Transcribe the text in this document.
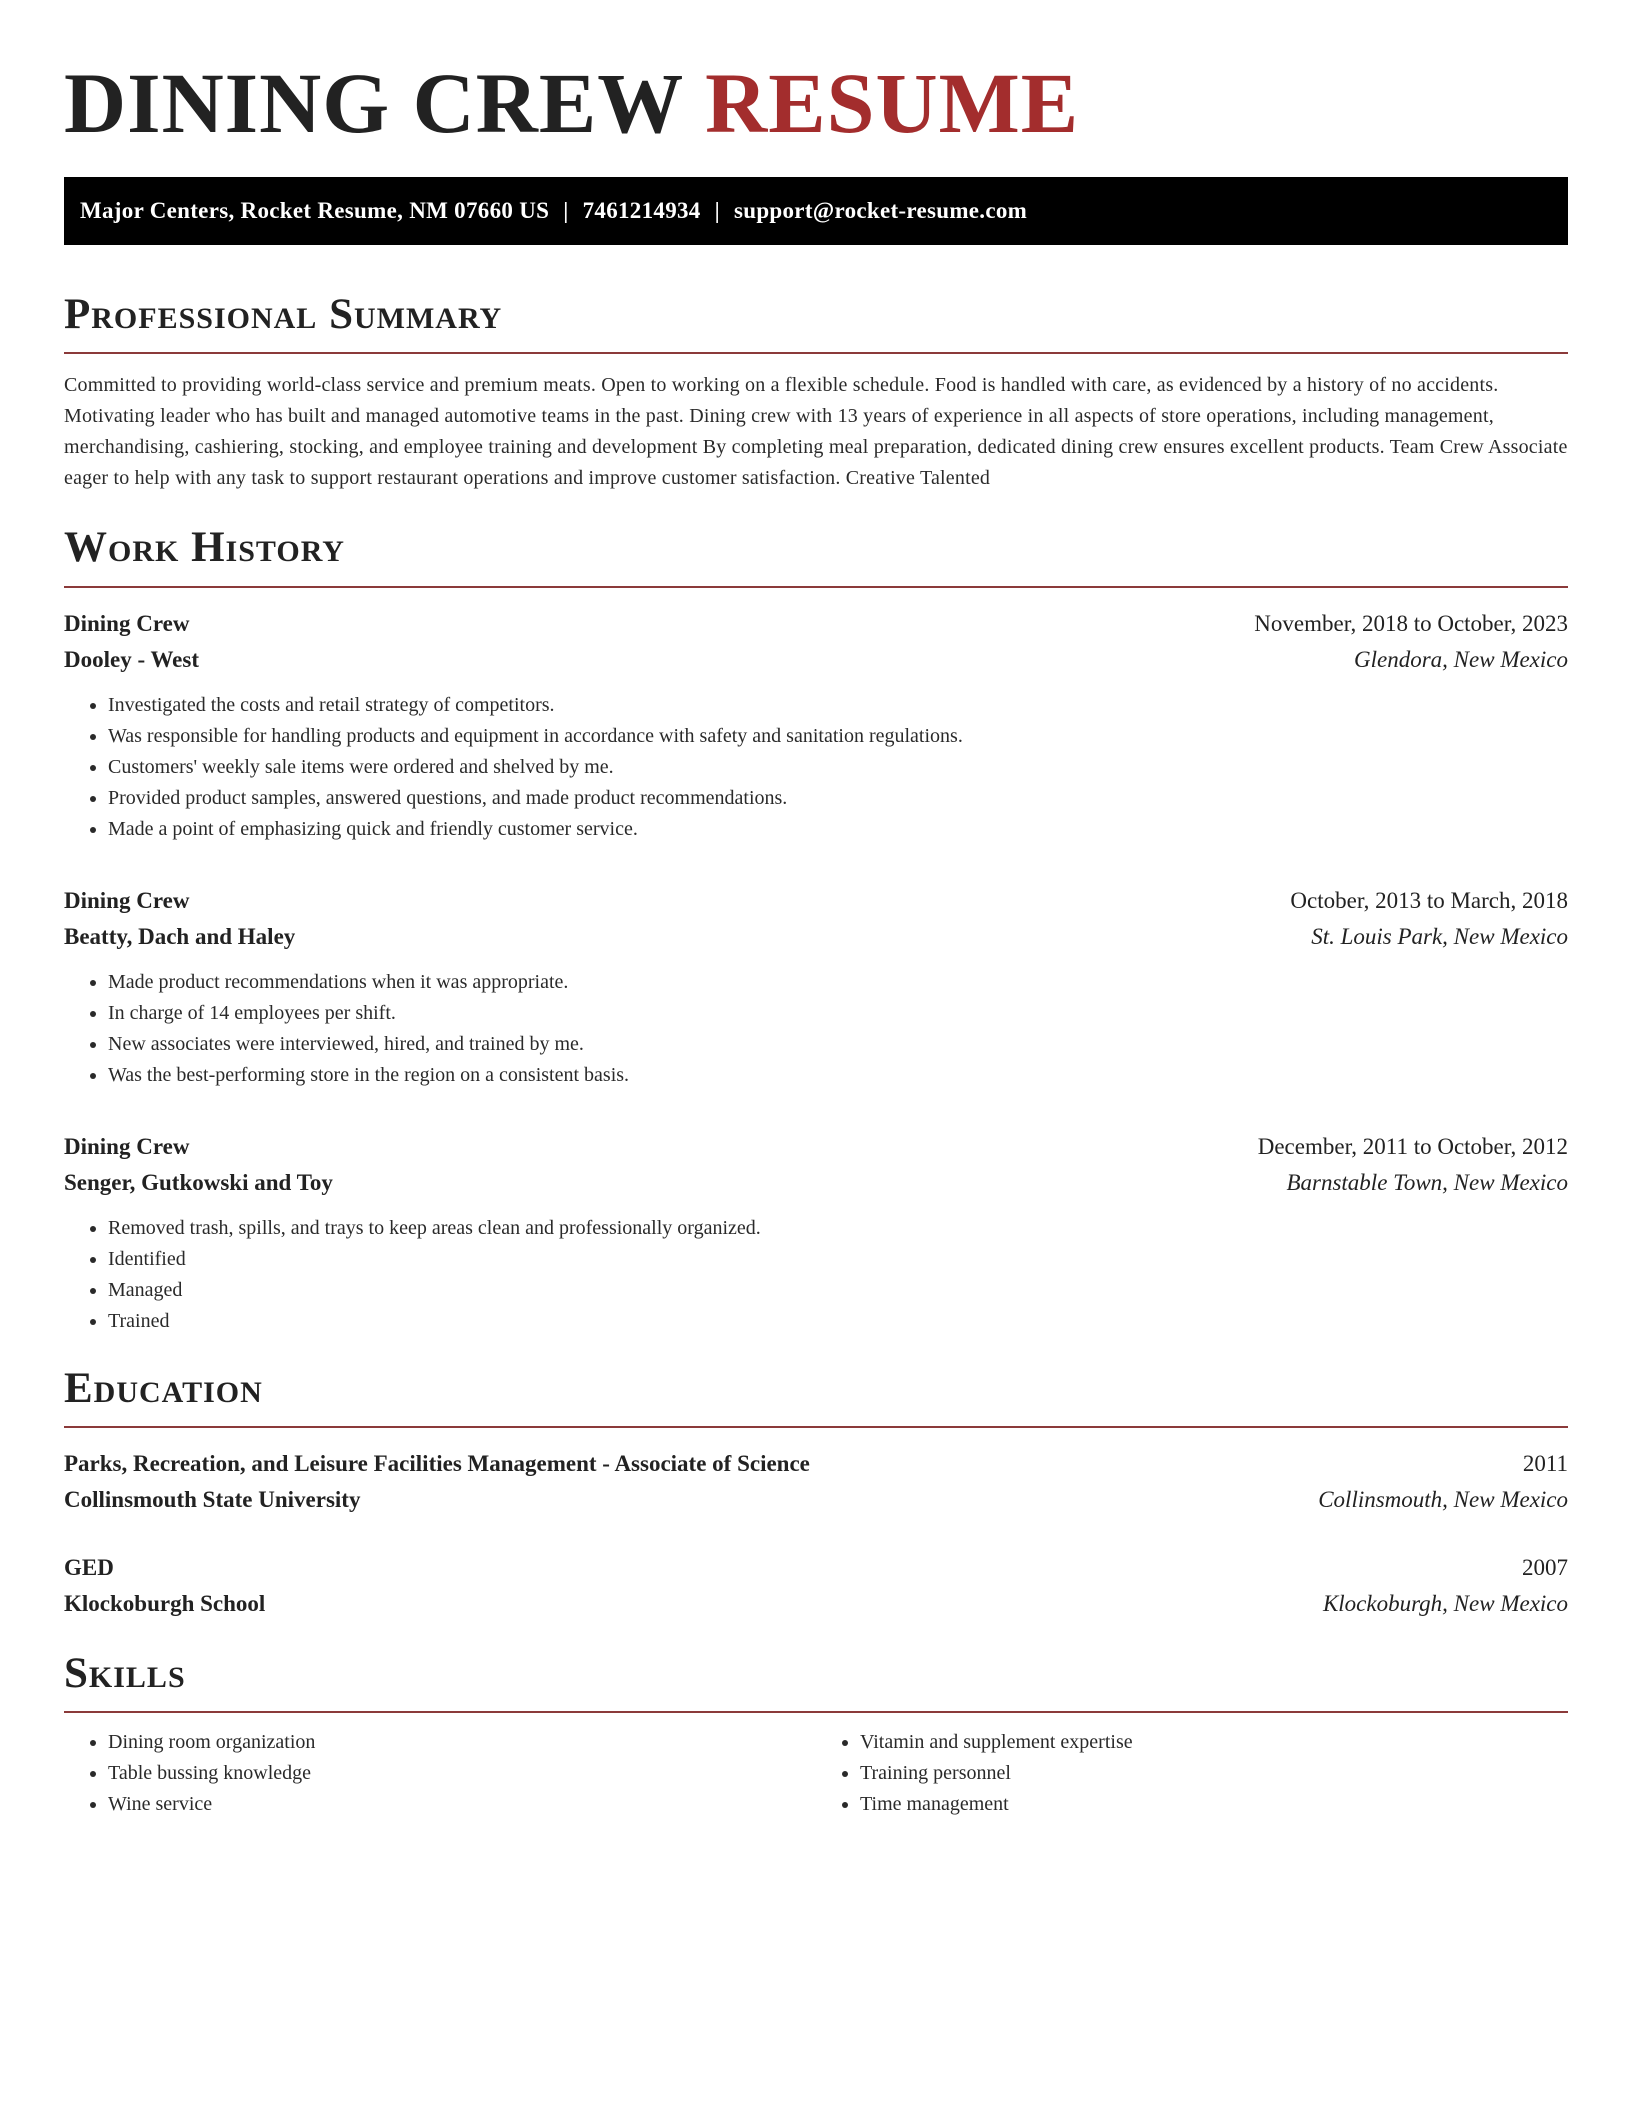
DINING CREW RESUME
Major Centers, Rocket Resume, NM 07660 US | 7461214934 | support@rocket-resume.com
Professional Summary

Committed to providing world-class service and premium meats. Open to working on a flexible schedule. Food is handled with care, as evidenced by a history of no accidents. Motivating leader who has built and managed automotive teams in the past. Dining crew with 13 years of experience in all aspects of store operations, including management, merchandising, cashiering, stocking, and employee training and development By completing meal preparation, dedicated dining crew ensures excellent products. Team Crew Associate eager to help with any task to support restaurant operations and improve customer satisfaction. Creative Talented

Work History
Dining Crew	November, 2018 to October, 2023
Dooley - West	Glendora, New Mexico
• Investigated the costs and retail strategy of competitors.
• Was responsible for handling products and equipment in accordance with safety and sanitation regulations.
• Customers' weekly sale items were ordered and shelved by me.
• Provided product samples, answered questions, and made product recommendations.
• Made a point of emphasizing quick and friendly customer service.
Dining Crew	October, 2013 to March, 2018
Beatty, Dach and Haley	St. Louis Park, New Mexico
• Made product recommendations when it was appropriate.
• In charge of 14 employees per shift.
• New associates were interviewed, hired, and trained by me.
• Was the best-performing store in the region on a consistent basis.
Dining Crew	December, 2011 to October, 2012
Senger, Gutkowski and Toy	Barnstable Town, New Mexico
• Removed trash, spills, and trays to keep areas clean and professionally organized.
• Identified
• Managed
• Trained
Education
Parks, Recreation, and Leisure Facilities Management - Associate of Science	2011
Collinsmouth State University	Collinsmouth, New Mexico
GED	2007
Klockoburgh School	Klockoburgh, New Mexico
Skills
• Dining room organization
• Table bussing knowledge
• Wine service
• Vitamin and supplement expertise
• Training personnel
• Time management
